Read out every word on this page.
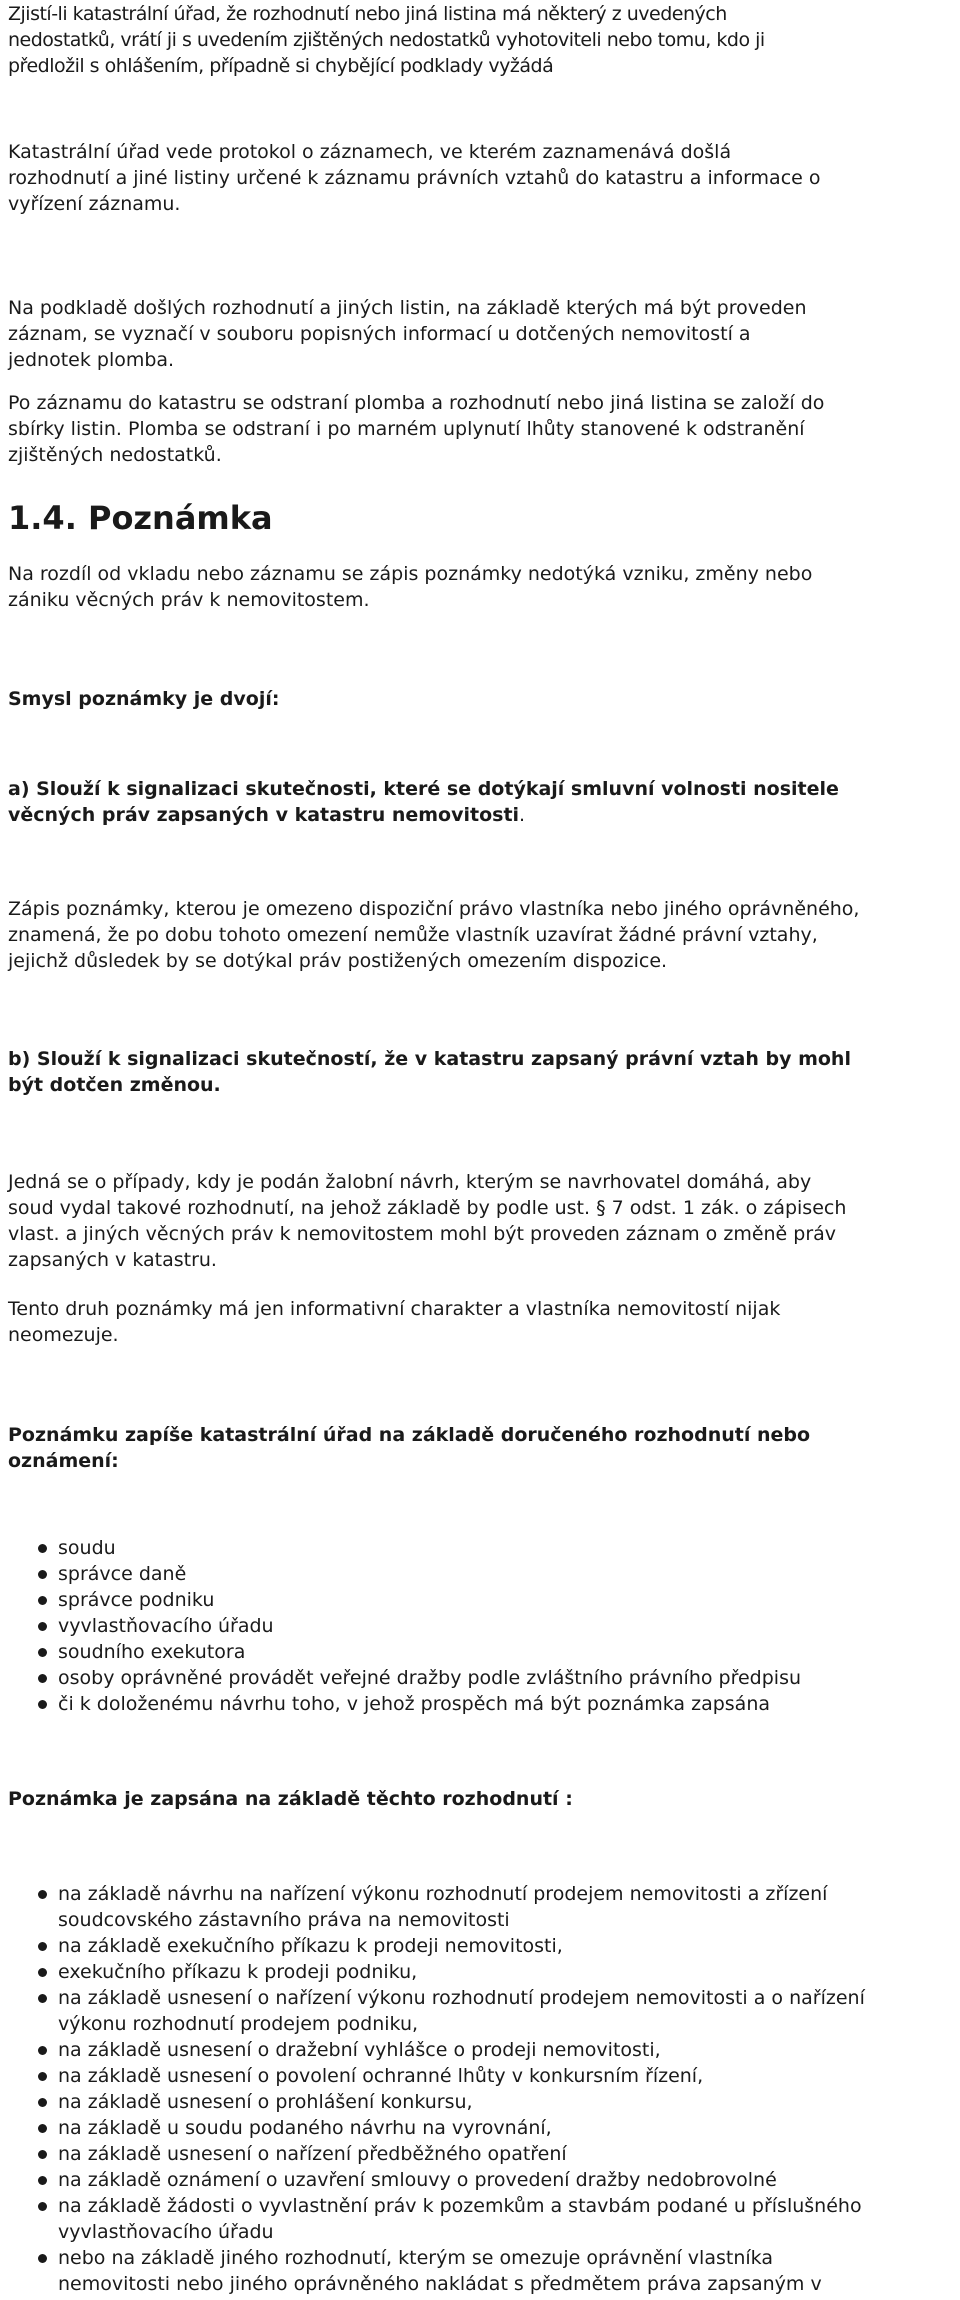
Zjistí-li katastrální úřad, že rozhodnutí nebo jiná listina má některý z uvedených
nedostatků, vrátí ji s uvedením zjištěných nedostatků vyhotoviteli nebo tomu, kdo ji
předložil s ohlášením, případně si chybějící podklady vyžádá

Katastrální úřad vede protokol o záznamech, ve kterém zaznamenává došlá
rozhodnutí a jiné listiny určené k záznamu právních vztahů do katastru a informace o
vyřízení záznamu.

Na podkladě došlých rozhodnutí a jiných listin, na základě kterých má být proveden
záznam, se vyznačí v souboru popisných informací u dotčených nemovitostí a
jednotek plomba.

Po záznamu do katastru se odstraní plomba a rozhodnutí nebo jiná listina se založí do
sbírky listin. Plomba se odstraní i po marném uplynutí lhůty stanovené k odstranění
zjištěných nedostatků.

1.4. Poznámka

Na rozdíl od vkladu nebo záznamu se zápis poznámky nedotýká vzniku, změny nebo
zániku věcných práv k nemovitostem.

Smysl poznámky je dvojí:

a) Slouží k signalizaci skutečnosti, které se dotýkají smluvní volnosti nositele
věcných práv zapsaných v katastru nemovitosti.

Zápis poznámky, kterou je omezeno dispoziční právo vlastníka nebo jiného oprávněného,
znamená, že po dobu tohoto omezení nemůže vlastník uzavírat žádné právní vztahy,
jejichž důsledek by se dotýkal práv postižených omezením dispozice.

b) Slouží k signalizaci skutečností, že v katastru zapsaný právní vztah by mohl
být dotčen změnou.

Jedná se o případy, kdy je podán žalobní návrh, kterým se navrhovatel domáhá, aby
soud vydal takové rozhodnutí, na jehož základě by podle ust. § 7 odst. 1 zák. o zápisech
vlast. a jiných věcných práv k nemovitostem mohl být proveden záznam o změně práv
zapsaných v katastru.

Tento druh poznámky má jen informativní charakter a vlastníka nemovitostí nijak
neomezuje.

Poznámku zapíše katastrální úřad na základě doručeného rozhodnutí nebo
oznámení:

soudu
správce daně
správce podniku
vyvlastňovacího úřadu
soudního exekutora
osoby oprávněné provádět veřejné dražby podle zvláštního právního předpisu
či k doloženému návrhu toho, v jehož prospěch má být poznámka zapsána

Poznámka je zapsána na základě těchto rozhodnutí :

na základě návrhu na nařízení výkonu rozhodnutí prodejem nemovitosti a zřízení
soudcovského zástavního práva na nemovitosti
na základě exekučního příkazu k prodeji nemovitosti,
exekučního příkazu k prodeji podniku,
na základě usnesení o nařízení výkonu rozhodnutí prodejem nemovitosti a o nařízení
výkonu rozhodnutí prodejem podniku,
na základě usnesení o dražební vyhlášce o prodeji nemovitosti,
na základě usnesení o povolení ochranné lhůty v konkursním řízení,
na základě usnesení o prohlášení konkursu,
na základě u soudu podaného návrhu na vyrovnání,
na základě usnesení o nařízení předběžného opatření
na základě oznámení o uzavření smlouvy o provedení dražby nedobrovolné
na základě žádosti o vyvlastnění práv k pozemkům a stavbám podané u příslušného
vyvlastňovacího úřadu
nebo na základě jiného rozhodnutí, kterým se omezuje oprávnění vlastníka
nemovitosti nebo jiného oprávněného nakládat s předmětem práva zapsaným v
